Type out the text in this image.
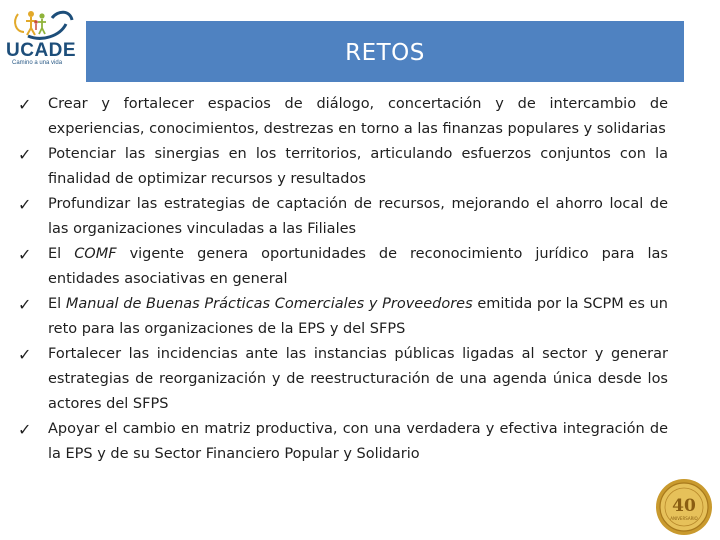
UCADE
Camino a una vida	RETOS
✓	Crear y fortalecer espacios de diálogo, concertación y de intercambio de experiencias, conocimientos, destrezas en torno a las finanzas populares y solidarias
✓	Potenciar las sinergias en los territorios, articulando esfuerzos conjuntos con la finalidad de optimizar recursos y resultados
✓	Profundizar las estrategias de captación de recursos, mejorando el ahorro local de las organizaciones vinculadas a las Filiales
✓	El COMF vigente genera oportunidades de reconocimiento jurídico para las entidades asociativas en general
✓	El Manual de Buenas Prácticas Comerciales y Proveedores emitida por la SCPM es un reto para las organizaciones de la EPS y del SFPS
✓	Fortalecer las incidencias ante las instancias públicas ligadas al sector y generar estrategias de reorganización y de reestructuración de una agenda única desde los actores del SFPS
✓	Apoyar el cambio en matriz productiva, con una verdadera y efectiva integración de la EPS y de su Sector Financiero Popular y Solidario
40
ANIVERSARIO
